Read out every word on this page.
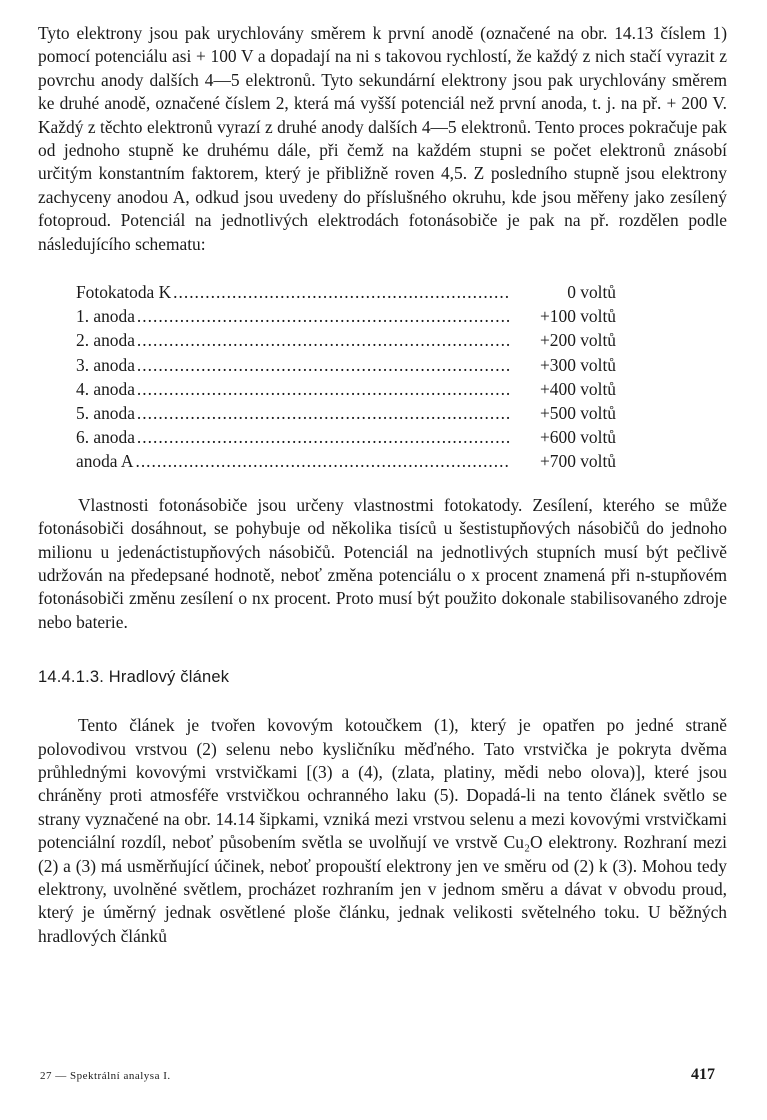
Tyto elektrony jsou pak urychlovány směrem k první anodě (označené na obr. 14.13 číslem 1) pomocí potenciálu asi + 100 V a dopadají na ni s takovou rychlostí, že každý z nich stačí vyrazit z povrchu anody dalších 4—5 elektronů. Tyto sekundární elektrony jsou pak urychlovány směrem ke druhé anodě, označené číslem 2, která má vyšší potenciál než první anoda, t. j. na př. + 200 V. Každý z těchto elektronů vyrazí z druhé anody dalších 4—5 elektronů. Tento proces pokračuje pak od jednoho stupně ke druhému dále, při čemž na každém stupni se počet elektronů znásobí určitým konstantním faktorem, který je přibližně roven 4,5. Z posledního stupně jsou elektrony zachyceny anodou A, odkud jsou uvedeny do příslušného okruhu, kde jsou měřeny jako zesílený fotoproud. Potenciál na jednotlivých elektrodách fotonásobiče je pak na př. rozdělen podle následujícího schematu:

Fotokatoda K .....	0 voltů
1. anoda .....	+100 voltů
2. anoda .....	+200 voltů
3. anoda .....	+300 voltů
4. anoda .....	+400 voltů
5. anoda .....	+500 voltů
6. anoda .....	+600 voltů
anoda A .....	+700 voltů

Vlastnosti fotonásobiče jsou určeny vlastnostmi fotokatody. Zesílení, kterého se může fotonásobiči dosáhnout, se pohybuje od několika tisíců u šestistupňových násobičů do jednoho milionu u jedenáctistupňových násobičů. Potenciál na jednotlivých stupních musí být pečlivě udržován na předepsané hodnotě, neboť změna potenciálu o x procent znamená při n-stupňovém fotonásobiči změnu zesílení o nx procent. Proto musí být použito dokonale stabilisovaného zdroje nebo baterie.

14.4.1.3. Hradlový článek

Tento článek je tvořen kovovým kotoučkem (1), který je opatřen po jedné straně polovodivou vrstvou (2) selenu nebo kysličníku měďného. Tato vrstvička je pokryta dvěma průhlednými kovovými vrstvičkami [(3) a (4), (zlata, platiny, mědi nebo olova)], které jsou chráněny proti atmosféře vrstvičkou ochranného laku (5). Dopadá-li na tento článek světlo se strany vyznačené na obr. 14.14 šipkami, vzniká mezi vrstvou selenu a mezi kovovými vrstvičkami potenciální rozdíl, neboť působením světla se uvolňují ve vrstvě Cu₂O elektrony. Rozhraní mezi (2) a (3) má usměrňující účinek, neboť propouští elektrony jen ve směru od (2) k (3). Mohou tedy elektrony, uvolněné světlem, procházet rozhraním jen v jednom směru a dávat v obvodu proud, který je úměrný jednak osvětlené ploše článku, jednak velikosti světelného toku. U běžných hradlových článků

27 — Spektrální analysa I.	417
